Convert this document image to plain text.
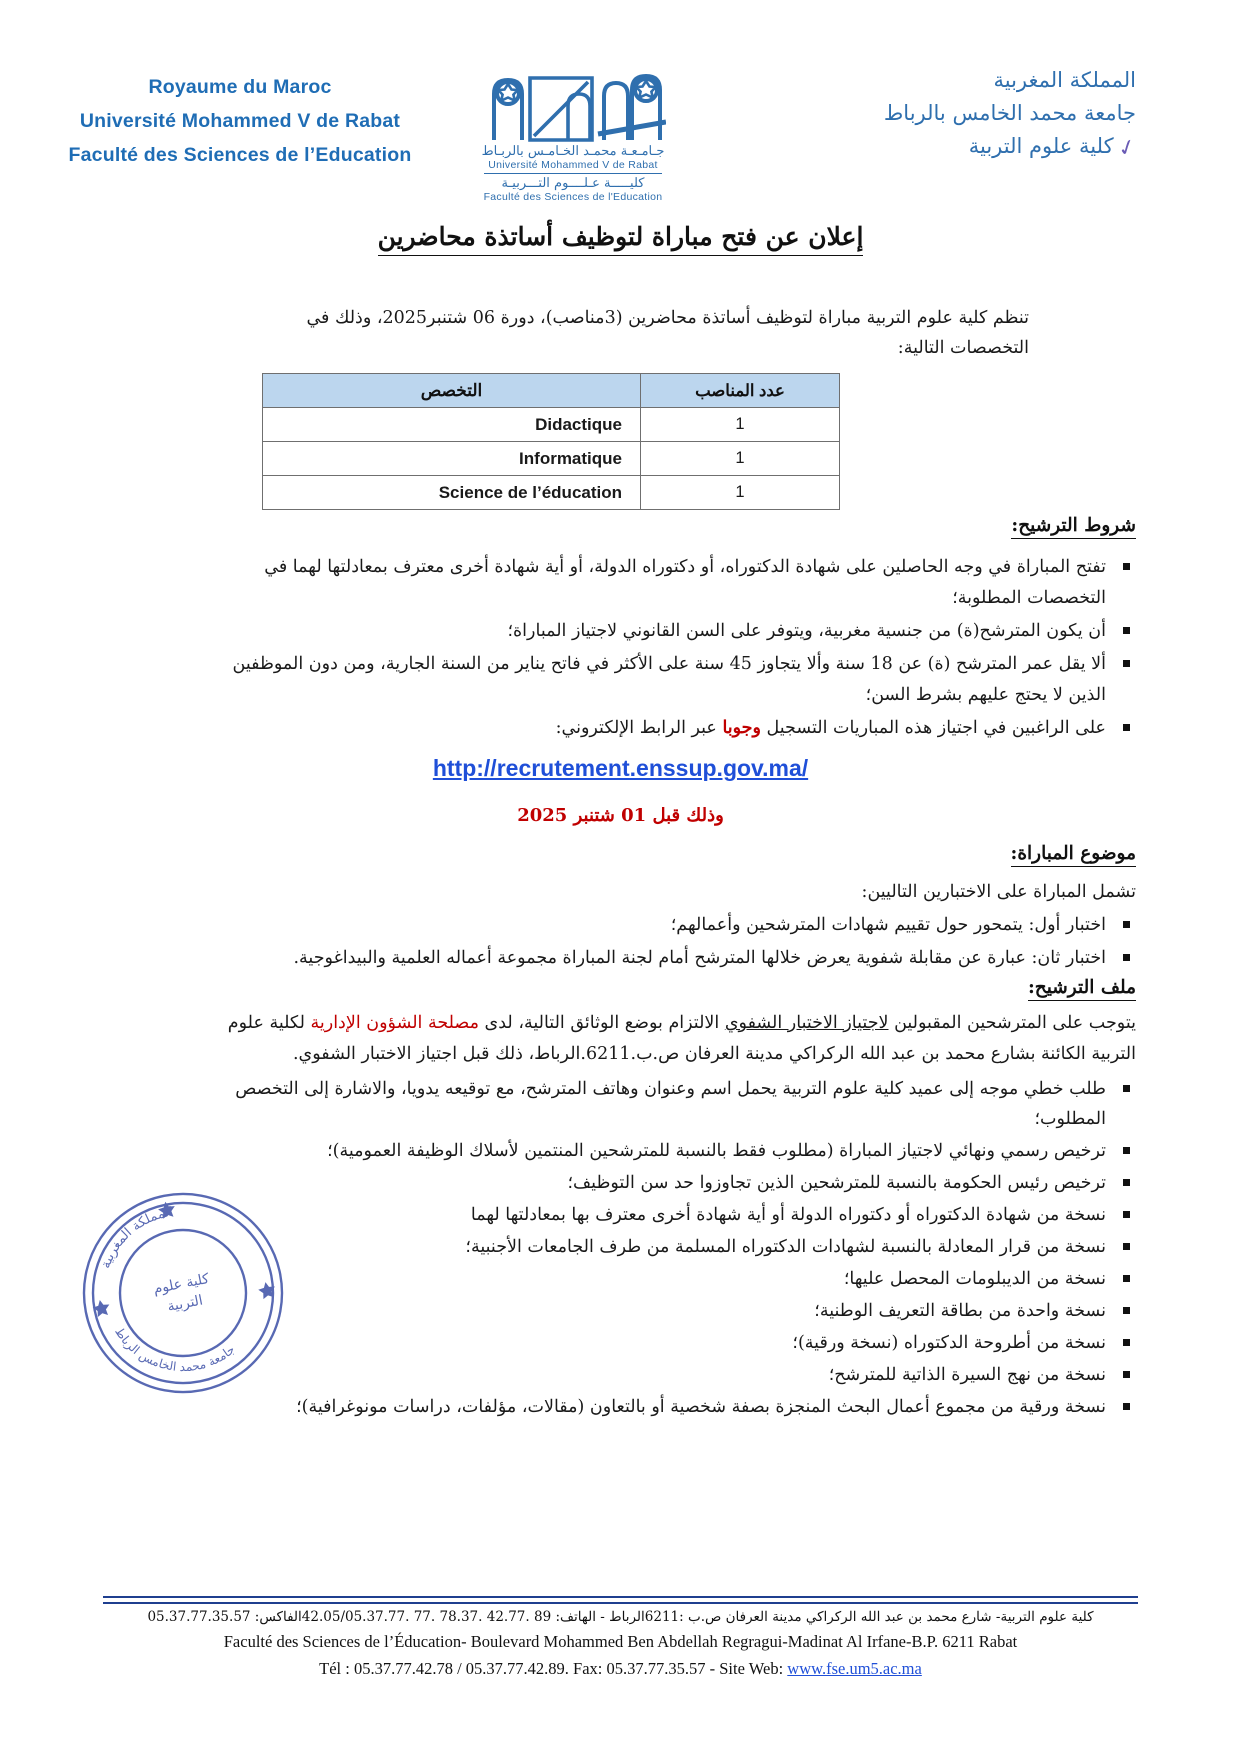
Royaume du Maroc
Université Mohammed V de Rabat
Faculté des Sciences de l’Education	جـامـعـة محمـد الخـامـس بالربـاط
Université Mohammed V de Rabat
كليـــــة عـلــــوم التـــربيـة
Faculté des Sciences de l'Education
المملكة المغربية
جامعة محمد الخامس بالرباط
✓كلية علوم التربية
إعلان عن فتح مباراة لتوظيف أساتذة محاضرين
تنظم كلية علوم التربية مباراة لتوظيف أساتذة محاضرين (3مناصب)، دورة 06 شتنبر2025، وذلك في التخصصات التالية:
عدد المناصب	التخصص
1	Didactique

1	Informatique

1	Science de l’éducation
شروط الترشيح:
تفتح المباراة في وجه الحاصلين على شهادة الدكتوراه، أو دكتوراه الدولة، أو أية شهادة أخرى معترف بمعادلتها لهما في التخصصات المطلوبة؛
أن يكون المترشح(ة) من جنسية مغربية، ويتوفر على السن القانوني لاجتياز المباراة؛
ألا يقل عمر المترشح (ة) عن 18 سنة وألا يتجاوز 45 سنة على الأكثر في فاتح يناير من السنة الجارية، ومن دون الموظفين الذين لا يحتج عليهم بشرط السن؛
على الراغبين في اجتياز هذه المباريات التسجيل وجوبا عبر الرابط الإلكتروني:
http://recrutement.enssup.gov.ma/
وذلك قبل 01 شتنبر 2025
موضوع المباراة:
تشمل المباراة على الاختبارين التاليين:
اختبار أول: يتمحور حول تقييم شهادات المترشحين وأعمالهم؛
اختبار ثان: عبارة عن مقابلة شفوية يعرض خلالها المترشح أمام لجنة المباراة مجموعة أعماله العلمية والبيداغوجية.
ملف الترشيح:
يتوجب على المترشحين المقبولين لاجتياز الاختبار الشفوي الالتزام بوضع الوثائق التالية، لدى مصلحة الشؤون الإدارية لكلية علوم التربية الكائنة بشارع محمد بن عبد الله الركراكي مدينة العرفان ص.ب.6211.الرباط، ذلك قبل اجتياز الاختبار الشفوي.
طلب خطي موجه إلى عميد كلية علوم التربية يحمل اسم وعنوان وهاتف المترشح، مع توقيعه يدويا، والاشارة إلى التخصص المطلوب؛
ترخيص رسمي ونهائي لاجتياز المباراة (مطلوب فقط بالنسبة للمترشحين المنتمين لأسلاك الوظيفة العمومية)؛
ترخيص رئيس الحكومة بالنسبة للمترشحين الذين تجاوزوا حد سن التوظيف؛
نسخة من شهادة الدكتوراه أو دكتوراه الدولة أو أية شهادة أخرى معترف بها بمعادلتها لهما
نسخة من قرار المعادلة بالنسبة لشهادات الدكتوراه المسلمة من طرف الجامعات الأجنبية؛
نسخة من الديبلومات المحصل عليها؛
نسخة واحدة من بطاقة التعريف الوطنية؛
نسخة من أطروحة الدكتوراه (نسخة ورقية)؛
نسخة من نهج السيرة الذاتية للمترشح؛
نسخة ورقية من مجموع أعمال البحث المنجزة بصفة شخصية أو بالتعاون (مقالات، مؤلفات، دراسات مونوغرافية)؛
المملكة المغربية
جامعة محمد الخامس الرباط
كلية علوم
التربية
كلية علوم التربية- شارع محمد بن عبد الله الركراكي مدينة العرفان ص.ب :6211الرباط - الهاتف: 89 .42.77 .78.37 .77 .42.05/05.37.77الفاكس: 05.37.77.35.57
Faculté des Sciences de l’Éducation- Boulevard Mohammed Ben Abdellah Regragui-Madinat Al Irfane-B.P. 6211 Rabat
Tél : 05.37.77.42.78 / 05.37.77.42.89. Fax: 05.37.77.35.57 - Site Web: www.fse.um5.ac.ma
